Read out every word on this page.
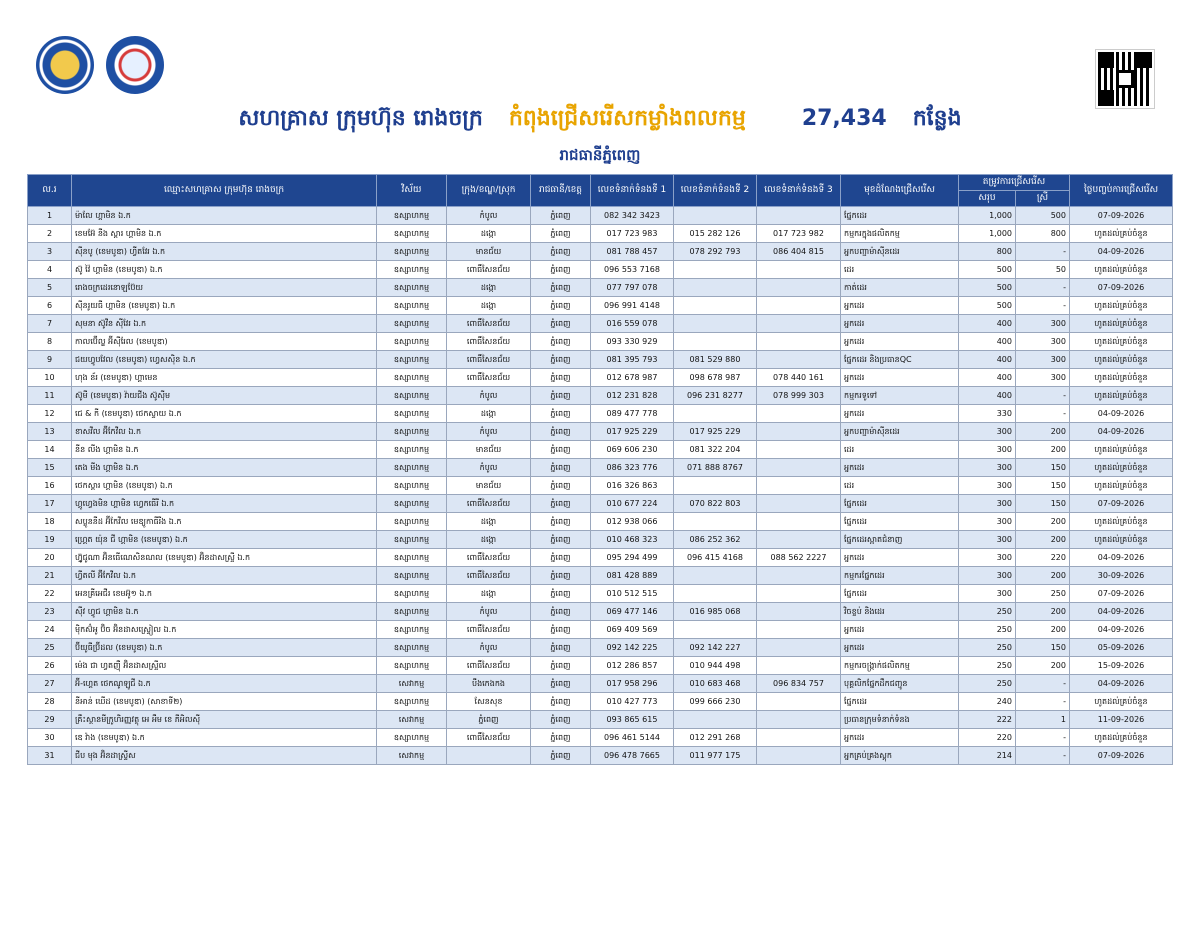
សហគ្រាស ក្រុមហ៊ុន រោងចក្រ កំពុងជ្រើសរើសកម្លាំងពលកម្ម	27,434 កន្លែង
រាជធានីភ្នំពេញ
ល.រ	ឈ្មោះសហគ្រាស ក្រុមហ៊ុន រោងចក្រ	វិស័យ	ក្រុង/ខណ្ឌ/ស្រុក	រាជធានី/ខេត្ត	លេខទំនាក់ទំនងទី 1	លេខទំនាក់ទំនងទី 2	លេខទំនាក់ទំនងទី 3	មុខដំណែងជ្រើសរើស	តម្រូវការជ្រើសរើស		ថ្ងៃបញ្ចប់ការជ្រើសរើស
									សរុប	ស្រី	
1	ម៉ាលែ ហ្គាមិន ឯ.ក	ឧស្សាហកម្ម	កំបូល	ភ្នំពេញ	082 342 3423			ផ្នែកដេរ	1,000	500	07-09-2026
2	ខេមអ៊ែ នីង ស្តារ ហ្គាមិន ឯ.ក	ឧស្សាហកម្ម	ដង្កោ	ភ្នំពេញ	017 723 983	015 282 126	017 723 982	កម្មករក្នុងផលិតកម្ម	1,000	800	ហូតដល់គ្រប់ចំនួន
3	ស៊ីនបូ (ខេមបូឌា) ហ្វីតវែរ ឯ.ក	ឧស្សាហកម្ម	មានជ័យ	ភ្នំពេញ	081 788 457	078 292 793	086 404 815	អ្នកបញ្ជាម៉ាស៊ីនដេរ	800	-	04-09-2026
4	ស៊ូ វ៉ៃ ហ្គាមិន (ខេមបូឌា) ឯ.ក	ឧស្សាហកម្ម	ពោធិ៍សែនជ័យ	ភ្នំពេញ	096 553 7168			ដេរ	500	50	ហូតដល់គ្រប់ចំនួន
5	រោងចក្រដេរនោឡប៊ែយ	ឧស្សាហកម្ម	ដង្កោ	ភ្នំពេញ	077 797 078			កាត់ដេរ	500	-	07-09-2026
6	ស៊ីនរូយធី ហ្គាមិន (ខេមបូឌា) ឯ.ក	ឧស្សាហកម្ម	ដង្កោ	ភ្នំពេញ	096 991 4148			អ្នកដេរ	500	-	ហូតដល់គ្រប់ចំនួន
7	សុមនា ស៊ូវីន ស៊ីវែរ ឯ.ក	ឧស្សាហកម្ម	ពោធិ៍សែនជ័យ	ភ្នំពេញ	016 559 078			អ្នកដេរ	400	300	ហូតដល់គ្រប់ចំនួន
8	កាលប៊ើល្ឌ អ៊ីស៊ីរែល (ខេមបូឌា)	ឧស្សាហកម្ម	ពោធិ៍សែនជ័យ	ភ្នំពេញ	093 330 929			អ្នកដេរ	400	300	ហូតដល់គ្រប់ចំនួន
9	ជយហ្វូបវែល (ខេមបូឌា) ហ្វេសស៊ិន ឯ.ក	ឧស្សាហកម្ម	ពោធិ៍សែនជ័យ	ភ្នំពេញ	081 395 793	081 529 880		ផ្នែកដេរ និងប្រធានQC	400	300	ហូតដល់គ្រប់ចំនួន
10	ហុង ន័រ (ខេមបូឌា) ហ្គាមេន	ឧស្សាហកម្ម	ពោធិ៍សែនជ័យ	ភ្នំពេញ	012 678 987	098 678 987	078 440 161	អ្នកដេរ	400	300	ហូតដល់គ្រប់ចំនួន
11	ស៊ូមី (ខេមបូឌា) វ៉ាយជីង ស៊ូស៊ីម	ឧស្សាហកម្ម	កំបូល	ភ្នំពេញ	012 231 828	096 231 8277	078 999 303	កម្មករទូទៅ	400	-	ហូតដល់គ្រប់ចំនួន
12	ជេ & កី (ខេមបូឌា) ថេកស្ទាយ ឯ.ក	ឧស្សាហកម្ម	ដង្កោ	ភ្នំពេញ	089 477 778			អ្នកដេរ	330	-	04-09-2026
13	ខាសវីល អ៊ីកែវីល ឯ.ក	ឧស្សាហកម្ម	កំបូល	ភ្នំពេញ	017 925 229	017 925 229		អ្នកបញ្ជាម៉ាស៊ីនដេរ	300	200	04-09-2026
14	នីន លីង ហ្គាមិន ឯ.ក	ឧស្សាហកម្ម	មានជ័យ	ភ្នំពេញ	069 606 230	081 322 204		ដេរ	300	200	ហូតដល់គ្រប់ចំនួន
15	តេង មីង ហ្គាមិន ឯ.ក	ឧស្សាហកម្ម	កំបូល	ភ្នំពេញ	086 323 776	071 888 8767		អ្នកដេរ	300	150	ហូតដល់គ្រប់ចំនួន
16	ថេកស្តារ ហ្គាមិន (ខេមបូឌា) ឯ.ក	ឧស្សាហកម្ម	មានជ័យ	ភ្នំពេញ	016 326 863			ដេរ	300	150	ហូតដល់គ្រប់ចំនួន
17	ហ្គូហ្វេងមិន ហ្គាមិន ហ្វេកធើរី ឯ.ក	ឧស្សាហកម្ម	ពោធិ៍សែនជ័យ	ភ្នំពេញ	010 677 224	070 822 803		ផ្នែកដេរ	300	150	07-09-2026
18	សប្លូននីដ អ៊ីកែវីល មេឌ្យូកាធីរីង ឯ.ក	ឧស្សាហកម្ម	ដង្កោ	ភ្នំពេញ	012 938 066			ផ្នែកដេរ	300	200	ហូតដល់គ្រប់ចំនួន
19	ហ្គ្រេត យ៉ុន ជី ហ្គាមិន (ខេមបូឌា) ឯ.ក	ឧស្សាហកម្ម	ដង្កោ	ភ្នំពេញ	010 468 323	086 252 362		ផ្នែកដេរស្អាតជំនាញ	300	200	ហូតដល់គ្រប់ចំនួន
20	ហ្វ៊ូជូណា អ៊ិនធើណេសិនណល (ខេមបូឌា) អ៊ិនដាសស្ទ្រី ឯ.ក	ឧស្សាហកម្ម	ពោធិ៍សែនជ័យ	ភ្នំពេញ	095 294 499	096 415 4168	088 562 2227	អ្នកដេរ	300	220	04-09-2026
21	ហ្វីតលី អ៊ីកែវីល ឯ.ក	ឧស្សាហកម្ម	ពោធិ៍សែនជ័យ	ភ្នំពេញ	081 428 889			កម្មករផ្នែកដេរ	300	200	30-09-2026
22	អេនគ្រីអេជីរ ខេមអ៊ូ១ ឯ.ក	ឧស្សាហកម្ម	ដង្កោ	ភ្នំពេញ	010 512 515			ផ្នែកដេរ	300	250	07-09-2026
23	ស៊ីវ ហ្វូជ ហ្គាមិន ឯ.ក	ឧស្សាហកម្ម	កំបូល	ភ្នំពេញ	069 477 146	016 985 068		វិចខ្ចប់ និងដេរ	250	200	04-09-2026
24	ម៉ិកស៊ំអូ ប៊ិច អ៊ិនដាសស្ទ្រៀល ឯ.ក	ឧស្សាហកម្ម	ពោធិ៍សែនជ័យ	ភ្នំពេញ	069 409 569			អ្នកដេរ	250	200	04-09-2026
25	ប៊ីយូធីប៊្រីដល (ខេមបូឌា) ឯ.ក	ឧស្សាហកម្ម	កំបូល	ភ្នំពេញ	092 142 225	092 142 227		អ្នកដេរ	250	150	05-09-2026
26	ម៉េង ជា ហ្វតញ៉ឺ អ៊ិនដាសស្ទ្រីល	ឧស្សាហកម្ម	ពោធិ៍សែនជ័យ	ភ្នំពេញ	012 286 857	010 944 498		កម្មករចង្ក្រាក់ផលិតកម្ម	250	200	15-09-2026
27	អ៊ី-ហ្គេត ថេកណូឡូជី ឯ.ក	សេវាកម្ម	បឹងកេងកង	ភ្នំពេញ	017 958 296	010 683 468	096 834 757	បុគ្គលិកផ្នែកដឹកជញ្ជូន	250	-	04-09-2026
28	នីអាន់ ឃើដ (ខេមបូឌា) (សាខាទី២)	ឧស្សាហកម្ម	សែនសុខ	ភ្នំពេញ	010 427 773	099 666 230		ផ្នែកដេរ	240	-	ហូតដល់គ្រប់ចំនួន
29	គ្រឹះស្ថានមីក្រូហិរញ្ញវត្ថុ អេ អឹម ខេ ភីអិលស៊ី	សេវាកម្ម	ភ្នំពេញ	ភ្នំពេញ	093 865 615			ប្រធានក្រុមទំនាក់ទំនង	222	1	11-09-2026
30	ឌេ វ៉ាង (ខេមបូឌា) ឯ.ក	ឧស្សាហកម្ម	ពោធិ៍សែនជ័យ	ភ្នំពេញ	096 461 5144	012 291 268		អ្នកដេរ	220	-	ហូតដល់គ្រប់ចំនួន
31	ជីប មុង អ៊ិនដាស្ទ្រីស	សេវាកម្ម		ភ្នំពេញ	096 478 7665	011 977 175		អ្នកគ្រប់គ្រងស្តុក	214	-	07-09-2026
